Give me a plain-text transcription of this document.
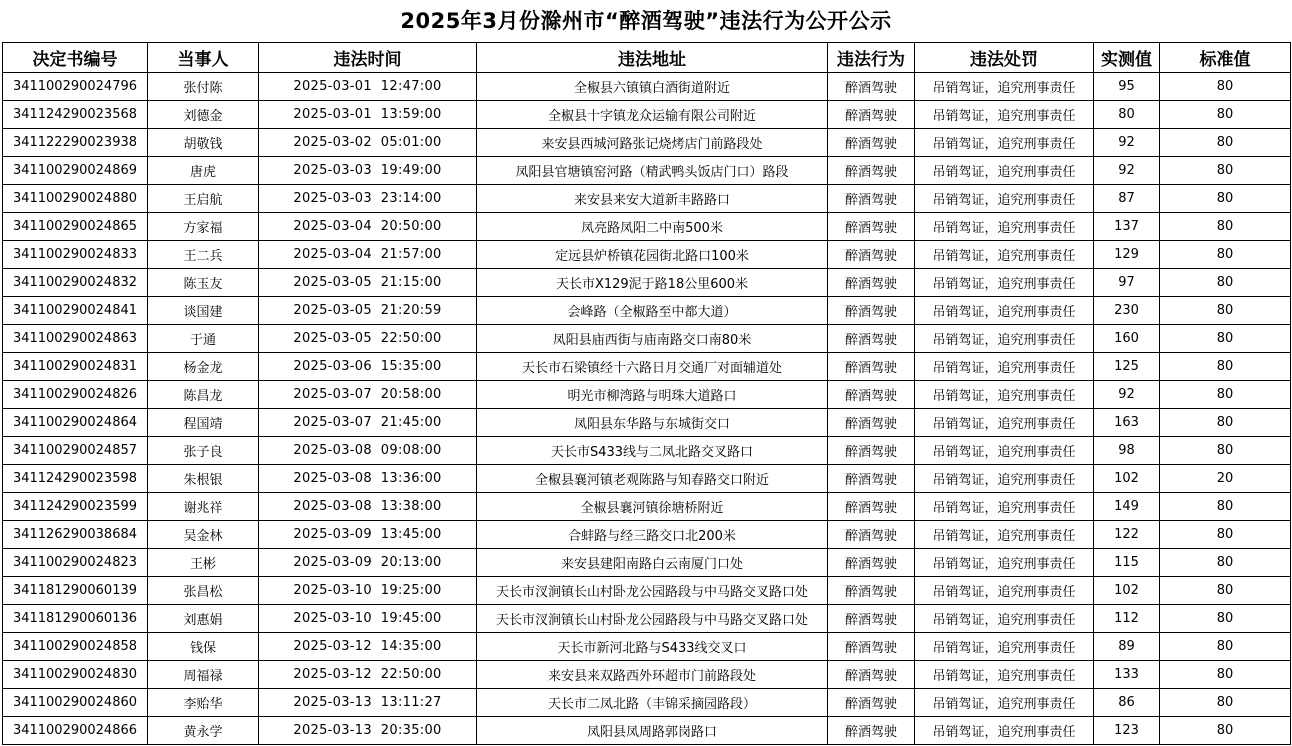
2025年3月份滁州市“醉酒驾驶”违法行为公开公示
决定书编号	当事人	违法时间	违法地址	违法行为	违法处罚	实测值	标准值
341100290024796	张付陈	2025-03-01  12:47:00	全椒县六镇镇白酒街道附近	醉酒驾驶	吊销驾证，追究刑事责任	95	80
341124290023568	刘德金	2025-03-01  13:59:00	全椒县十字镇龙众运输有限公司附近	醉酒驾驶	吊销驾证，追究刑事责任	80	80
341122290023938	胡敬钱	2025-03-02  05:01:00	来安县西城河路张记烧烤店门前路段处	醉酒驾驶	吊销驾证，追究刑事责任	92	80
341100290024869	唐虎	2025-03-03  19:49:00	凤阳县官塘镇窑河路（精武鸭头饭店门口）路段	醉酒驾驶	吊销驾证，追究刑事责任	92	80
341100290024880	王启航	2025-03-03  23:14:00	来安县来安大道新丰路路口	醉酒驾驶	吊销驾证，追究刑事责任	87	80
341100290024865	方家福	2025-03-04  20:50:00	凤亮路凤阳二中南500米	醉酒驾驶	吊销驾证，追究刑事责任	137	80
341100290024833	王二兵	2025-03-04  21:57:00	定远县炉桥镇花园街北路口100米	醉酒驾驶	吊销驾证，追究刑事责任	129	80
341100290024832	陈玉友	2025-03-05  21:15:00	天长市X129泥于路18公里600米	醉酒驾驶	吊销驾证，追究刑事责任	97	80
341100290024841	谈国建	2025-03-05  21:20:59	会峰路（全椒路至中都大道）	醉酒驾驶	吊销驾证，追究刑事责任	230	80
341100290024863	于通	2025-03-05  22:50:00	凤阳县庙西街与庙南路交口南80米	醉酒驾驶	吊销驾证，追究刑事责任	160	80
341100290024831	杨金龙	2025-03-06  15:35:00	天长市石梁镇经十六路日月交通厂对面辅道处	醉酒驾驶	吊销驾证，追究刑事责任	125	80
341100290024826	陈昌龙	2025-03-07  20:58:00	明光市柳湾路与明珠大道路口	醉酒驾驶	吊销驾证，追究刑事责任	92	80
341100290024864	程国靖	2025-03-07  21:45:00	凤阳县东华路与东城街交口	醉酒驾驶	吊销驾证，追究刑事责任	163	80
341100290024857	张子良	2025-03-08  09:08:00	天长市S433线与二凤北路交叉路口	醉酒驾驶	吊销驾证，追究刑事责任	98	80
341124290023598	朱根银	2025-03-08  13:36:00	全椒县襄河镇老观陈路与知春路交口附近	醉酒驾驶	吊销驾证，追究刑事责任	102	20
341124290023599	谢兆祥	2025-03-08  13:38:00	全椒县襄河镇徐塘桥附近	醉酒驾驶	吊销驾证，追究刑事责任	149	80
341126290038684	吴金林	2025-03-09  13:45:00	合蚌路与经三路交口北200米	醉酒驾驶	吊销驾证，追究刑事责任	122	80
341100290024823	王彬	2025-03-09  20:13:00	来安县建阳南路白云南厦门口处	醉酒驾驶	吊销驾证，追究刑事责任	115	80
341181290060139	张昌松	2025-03-10  19:25:00	天长市汊涧镇长山村卧龙公园路段与中马路交叉路口处	醉酒驾驶	吊销驾证，追究刑事责任	102	80
341181290060136	刘惠娟	2025-03-10  19:45:00	天长市汊涧镇长山村卧龙公园路段与中马路交叉路口处	醉酒驾驶	吊销驾证，追究刑事责任	112	80
341100290024858	钱保	2025-03-12  14:35:00	天长市新河北路与S433线交叉口	醉酒驾驶	吊销驾证，追究刑事责任	89	80
341100290024830	周福禄	2025-03-12  22:50:00	来安县来双路西外环超市门前路段处	醉酒驾驶	吊销驾证，追究刑事责任	133	80
341100290024860	李贻华	2025-03-13  13:11:27	天长市二凤北路（丰锦采摘园路段）	醉酒驾驶	吊销驾证，追究刑事责任	86	80
341100290024866	黄永学	2025-03-13  20:35:00	凤阳县凤周路郭岗路口	醉酒驾驶	吊销驾证，追究刑事责任	123	80
